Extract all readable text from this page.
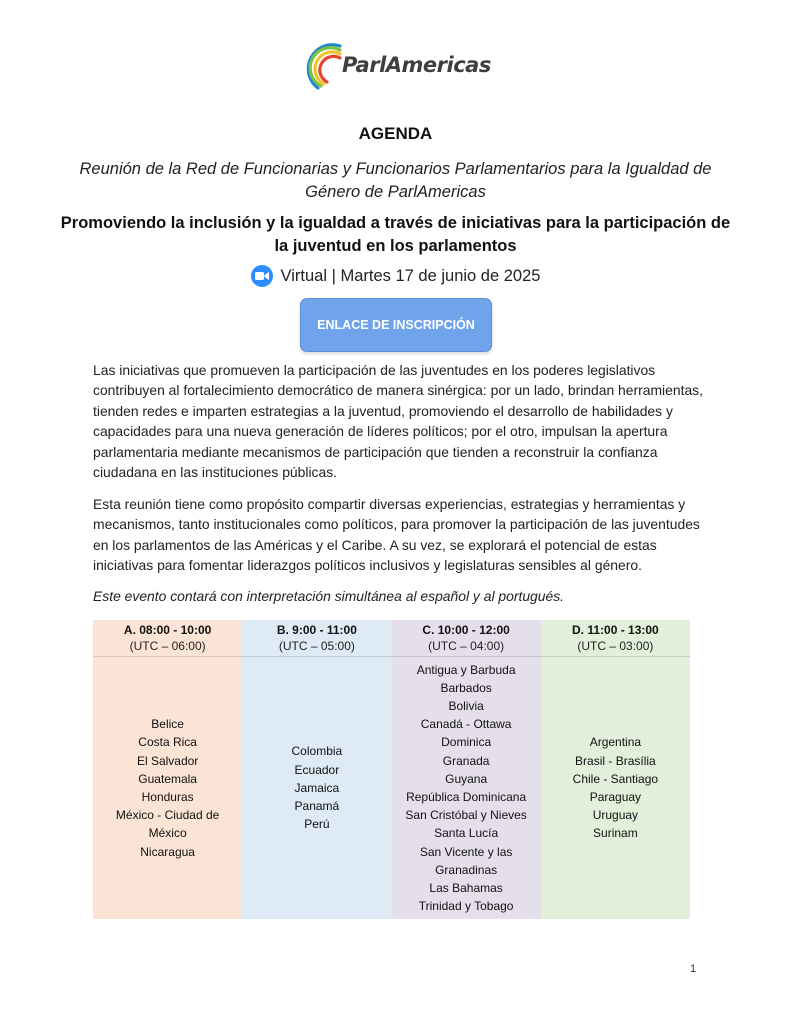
ParlAmericas
AGENDA
Reunión de la Red de Funcionarias y Funcionarios Parlamentarios para la Igualdad de Género de ParlAmericas
Promoviendo la inclusión y la igualdad a través de iniciativas para la participación de la juventud en los parlamentos
Virtual | Martes 17 de junio de 2025
ENLACE DE INSCRIPCIÓN

Las iniciativas que promueven la participación de las juventudes en los poderes legislativos contribuyen al fortalecimiento democrático de manera sinérgica: por un lado, brindan herramientas, tienden redes e imparten estrategias a la juventud, promoviendo el desarrollo de habilidades y capacidades para una nueva generación de líderes políticos; por el otro, impulsan la apertura parlamentaria mediante mecanismos de participación que tienden a reconstruir la confianza ciudadana en las instituciones públicas.

Esta reunión tiene como propósito compartir diversas experiencias, estrategias y herramientas y mecanismos, tanto institucionales como políticos, para promover la participación de las juventudes en los parlamentos de las Américas y el Caribe. A su vez, se explorará el potencial de estas iniciativas para fomentar liderazgos políticos inclusivos y legislaturas sensibles al género.

Este evento contará con interpretación simultánea al español y al portugués.

A. 08:00 - 10:00
(UTC – 06:00)
Belice
Costa Rica
El Salvador
Guatemala
Honduras
México - Ciudad de
México
Nicaragua
B. 9:00 - 11:00
(UTC – 05:00)
Colombia
Ecuador
Jamaica
Panamá
Perú
C. 10:00 - 12:00
(UTC – 04:00)
Antigua y Barbuda
Barbados
Bolivia
Canadá - Ottawa
Dominica
Granada
Guyana
República Dominicana
San Cristóbal y Nieves
Santa Lucía
San Vicente y las
Granadinas
Las Bahamas
Trinidad y Tobago
D. 11:00 - 13:00
(UTC – 03:00)
Argentina
Brasil - Brasília
Chile - Santiago
Paraguay
Uruguay
Surinam
1
